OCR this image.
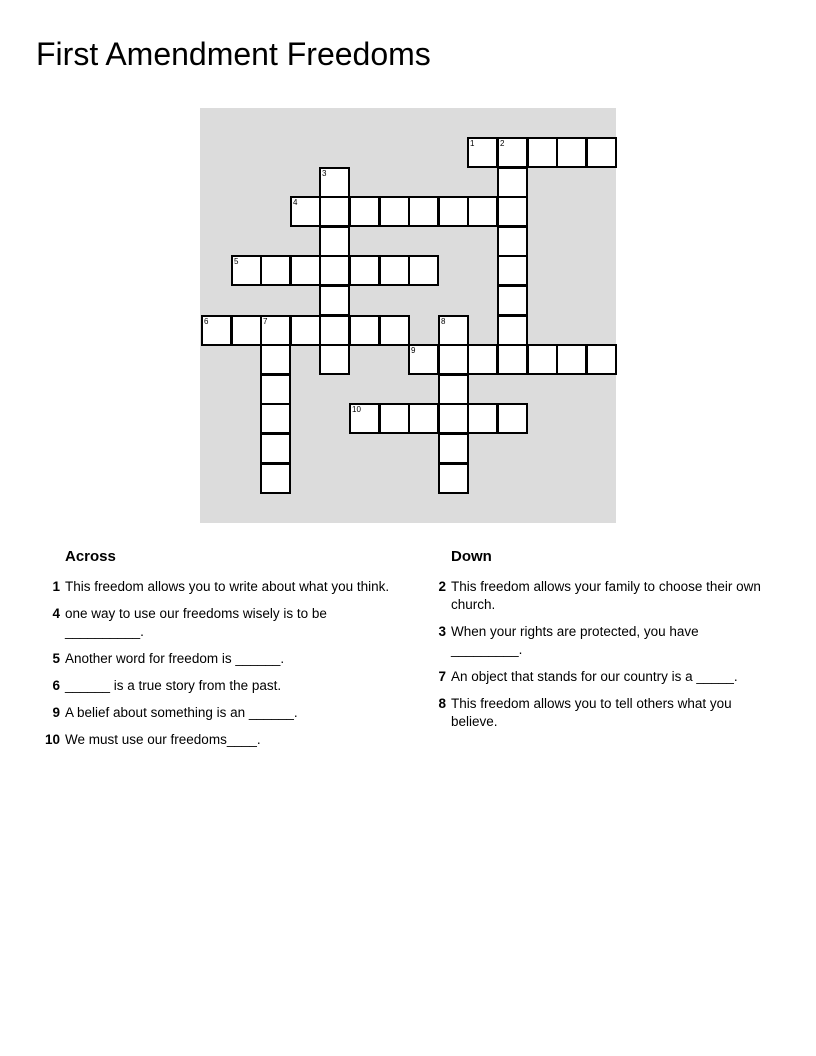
First Amendment Freedoms
1	2
3
4
5
6	7	8
9
10
Across
1 This freedom allows you to write about what you think.
4 one way to use our freedoms wisely is to be __________.
5 Another word for freedom is ______.
6 ______ is a true story from the past.
9 A belief about something is an ______.
10 We must use our freedoms____.
Down
2 This freedom allows your family to choose their own church.
3 When your rights are protected, you have _________.
7 An object that stands for our country is a _____.
8 This freedom allows you to tell others what you believe.
